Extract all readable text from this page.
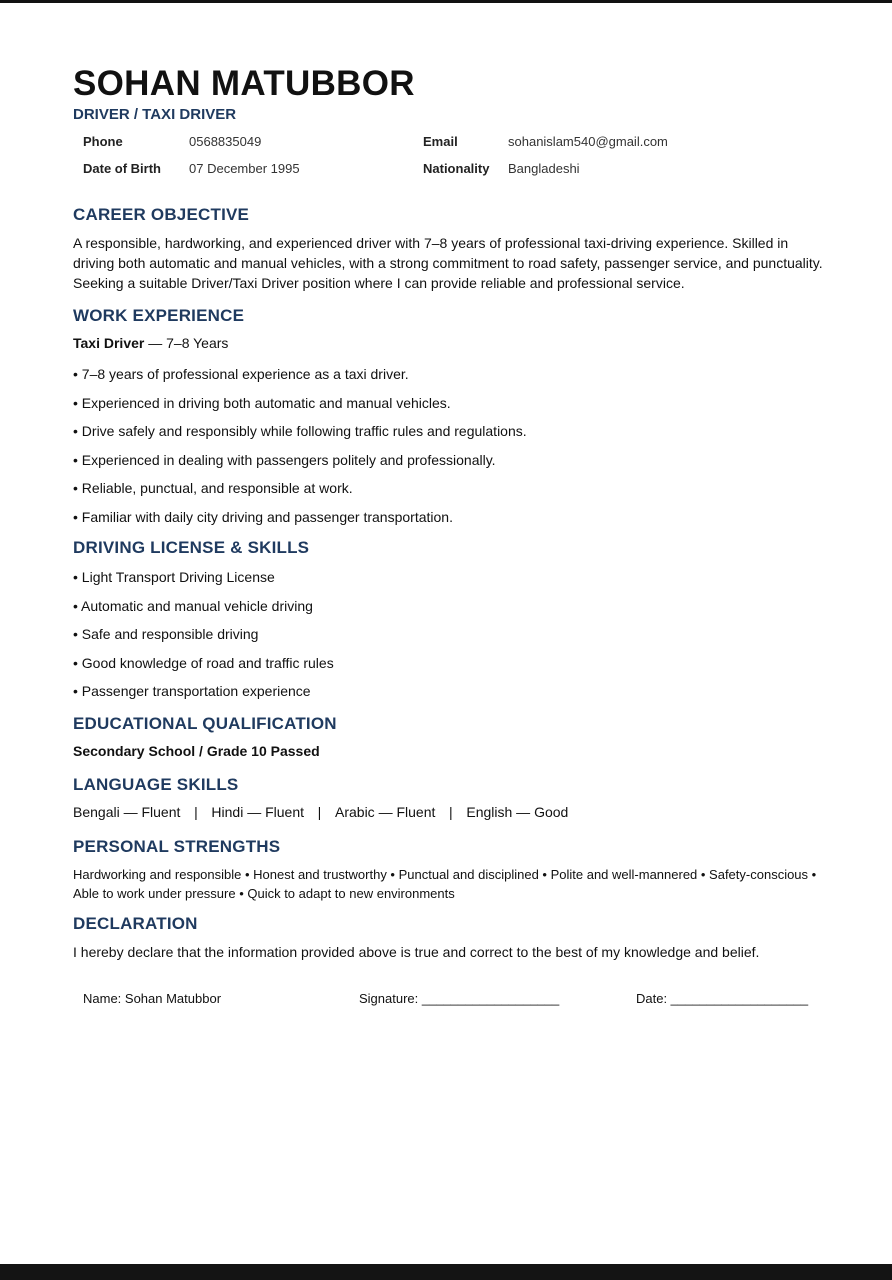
SOHAN MATUBBOR
DRIVER / TAXI DRIVER
Phone	0568835049	Email	sohanislam540@gmail.com
Date of Birth 07 December 1995	Nationality Bangladeshi
CAREER OBJECTIVE
A responsible, hardworking, and experienced driver with 7–8 years of professional taxi-driving experience. Skilled in driving both automatic and manual vehicles, with a strong commitment to road safety, passenger service, and punctuality. Seeking a suitable Driver/Taxi Driver position where I can provide reliable and professional service.
WORK EXPERIENCE
Taxi Driver — 7–8 Years
• 7–8 years of professional experience as a taxi driver.
• Experienced in driving both automatic and manual vehicles.
• Drive safely and responsibly while following traffic rules and regulations.
• Experienced in dealing with passengers politely and professionally.
• Reliable, punctual, and responsible at work.
• Familiar with daily city driving and passenger transportation.
DRIVING LICENSE & SKILLS
• Light Transport Driving License
• Automatic and manual vehicle driving
• Safe and responsible driving
• Good knowledge of road and traffic rules
• Passenger transportation experience
EDUCATIONAL QUALIFICATION
Secondary School / Grade 10 Passed
LANGUAGE SKILLS
Bengali — Fluent | Hindi — Fluent | Arabic — Fluent | English — Good
PERSONAL STRENGTHS
Hardworking and responsible • Honest and trustworthy • Punctual and disciplined • Polite and well-mannered • Safety-conscious • Able to work under pressure • Quick to adapt to new environments
DECLARATION
I hereby declare that the information provided above is true and correct to the best of my knowledge and belief.
Name: Sohan Matubbor	Signature: ___________________	Date: ___________________
